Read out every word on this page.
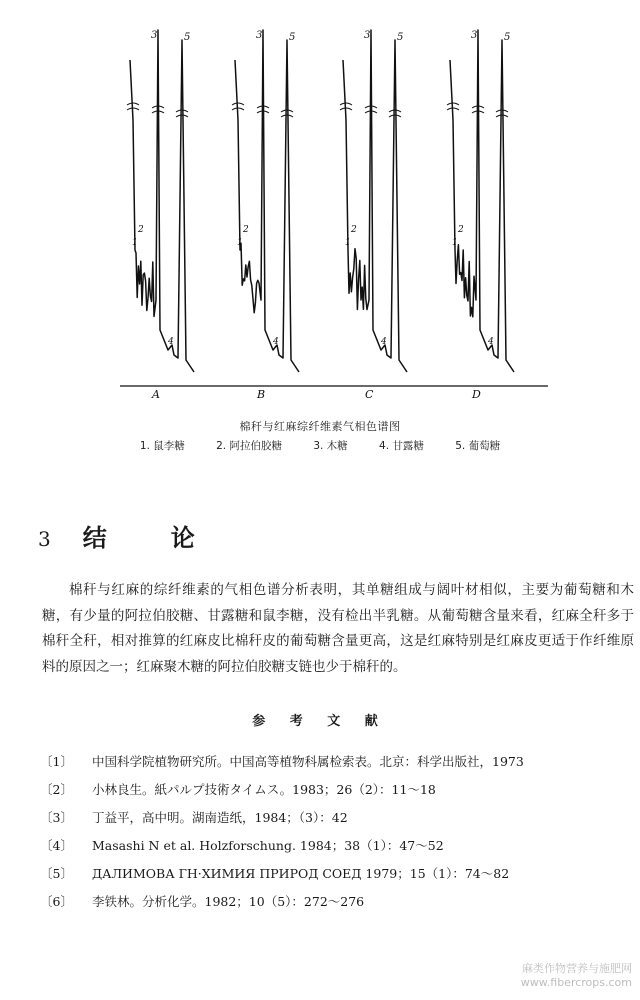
1
2
3
4
5
A
1
2
3
4
5
B
1
2
3
4
5
C
1
2
3
4
5
D
棉秆与红麻综纤维素气相色谱图
1. 鼠李糖	2. 阿拉伯胶糖	3. 木糖	4. 甘露糖	5. 葡萄糖
3 结	论

棉秆与红麻的综纤维素的气相色谱分析表明，其单糖组成与阔叶材相似，主要为葡萄糖和木糖，有少量的阿拉伯胶糖、甘露糖和鼠李糖，没有检出半乳糖。从葡萄糖含量来看，红麻全秆多于棉秆全秆，相对推算的红麻皮比棉秆皮的葡萄糖含量更高，这是红麻特别是红麻皮更适于作纤维原料的原因之一；红麻聚木糖的阿拉伯胶糖支链也少于棉秆的。

参 考 文 献
〔1〕 中国科学院植物研究所。中国高等植物科属检索表。北京：科学出版社，1973
〔2〕 小林良生。紙パルプ技術タイムス。1983；26（2）：11～18
〔3〕 丁益平，高中明。湖南造纸，1984；（3）：42
〔4〕 Masashi N et al. Holzforschung. 1984；38（1）：47～52
〔5〕 ДАЛИМОВА ГН·ХИМИЯ ПРИРОД СОЕД 1979；15（1）：74～82
〔6〕 李铁林。分析化学。1982；10（5）：272～276
麻类作物营养与施肥网
www.fibercrops.com
